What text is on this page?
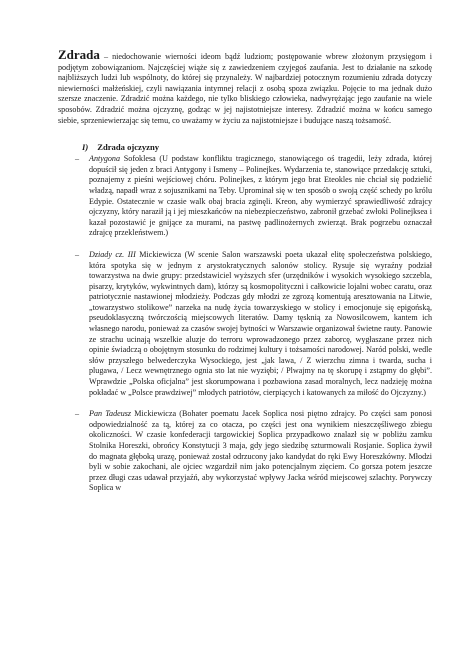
Zdrada – niedochowanie wierności ideom bądź ludziom; postępowanie wbrew złożonym przysięgom i podjętym zobowiązaniom. Najczęściej wiąże się z zawiedzeniem czyjegoś zaufania. Jest to działanie na szkodę najbliższych ludzi lub wspólnoty, do której się przynależy. W najbardziej potocznym rozumieniu zdrada dotyczy niewierności małżeńskiej, czyli nawiązania intymnej relacji z osobą spoza związku. Pojęcie to ma jednak dużo szersze znaczenie. Zdradzić można każdego, nie tylko bliskiego człowieka, nadwyrężając jego zaufanie na wiele sposobów. Zdradzić można ojczyznę, godząc w jej najistotniejsze interesy. Zdradzić można w końcu samego siebie, sprzeniewierzając się temu, co uważamy w życiu za najistotniejsze i budujące naszą tożsamość.

I) Zdrada ojczyzny
– Antygona Sofoklesa (U podstaw konfliktu tragicznego, stanowiącego oś tragedii, leży zdrada, której dopuścił się jeden z braci Antygony i Ismeny – Polinejkes. Wydarzenia te, stanowiące przedakcję sztuki, poznajemy z pieśni wejściowej chóru. Polinejkes, z którym jego brat Eteokles nie chciał się podzielić władzą, napadł wraz z sojusznikami na Teby. Uprominał się w ten sposób o swoją część schedy po królu Edypie. Ostatecznie w czasie walk obaj bracia zginęli. Kreon, aby wymierzyć sprawiedliwość zdrajcy ojczyzny, który naraził ją i jej mieszkańców na niebezpieczeństwo, zabronił grzebać zwłoki Polinejksea i kazał pozostawić je gnijące za murami, na pastwę padlinożernych zwierząt. Brak pogrzebu oznaczał zdrajcę przekleństwem.)
– Dziady cz. III Mickiewicza (W scenie Salon warszawski poeta ukazał elitę społeczeństwa polskiego, która spotyka się w jednym z arystokratycznych salonów stolicy. Rysuje się wyraźny podział towarzystwa na dwie grupy: przedstawiciel wyższych sfer (urzędników i wysokich wysokiego szczebla, pisarzy, krytyków, wykwintnych dam), którzy są kosmopolityczni i całkowicie lojalni wobec caratu, oraz patriotycznie nastawionej młodzieży. Podczas gdy młodzi ze zgrozą komentują aresztowania na Litwie, „towarzystwo stolikowe” narzeka na nudę życia towarzyskiego w stolicy i emocjonuje się epigońską, pseudoklasyczną twórczością miejscowych literatów. Damy tęsknią za Nowosilcowem, kantem ich własnego narodu, ponieważ za czasów swojej bytności w Warszawie organizował świetne rauty. Panowie ze strachu ucinają wszelkie aluzje do terroru wprowadzonego przez zaborcę, wygłaszane przez nich opinie świadczą o obojętnym stosunku do rodzimej kultury i tożsamości narodowej. Naród polski, wedle słów przyszłego belwederczyka Wysockiego, jest „jak lawa, / Z wierzchu zimna i twarda, sucha i plugawa, / Lecz wewnętrznego ognia sto lat nie wyziębi; / Plwajmy na tę skorupę i zstąpmy do głębi”. Wprawdzie „Polska oficjalna” jest skorumpowana i pozbawiona zasad moralnych, lecz nadzieję można pokładać w „Polsce prawdziwej” młodych patriotów, cierpiących i katowanych za miłość do Ojczyzny.)
– Pan Tadeusz Mickiewicza (Bohater poematu Jacek Soplica nosi piętno zdrajcy. Po części sam ponosi odpowiedzialność za tą, której za co otacza, po części jest ona wynikiem nieszczęśliwego zbiegu okoliczności. W czasie konfederacji targowickiej Soplica przypadkowo znalazł się w pobliżu zamku Stolnika Horeszki, obrońcy Konstytucji 3 maja, gdy jego siedzibę szturmowali Rosjanie. Soplica żywił do magnata głęboką urazę, ponieważ został odrzucony jako kandydat do ręki Ewy Horeszkówny. Młodzi byli w sobie zakochani, ale ojciec wzgardził nim jako potencjalnym zięciem. Co gorsza potem jeszcze przez długi czas udawał przyjaźń, aby wykorzystać wpływy Jacka wśród miejscowej szlachty. Porywczy Soplica w
